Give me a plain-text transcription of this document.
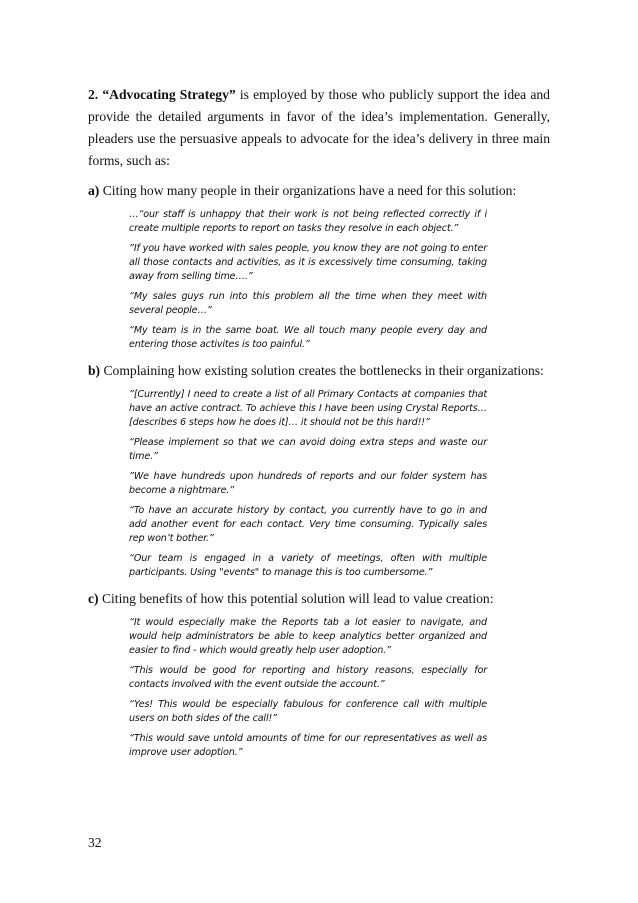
2. “Advocating Strategy” is employed by those who publicly support the idea and provide the detailed arguments in favor of the idea’s implementation. Generally, pleaders use the persuasive appeals to advocate for the idea’s delivery in three main forms, such as:

a) Citing how many people in their organizations have a need for this solution:

…“our staff is unhappy that their work is not being reflected correctly if i create multiple reports to report on tasks they resolve in each object.”

”If you have worked with sales people, you know they are not going to enter all those contacts and activities, as it is excessively time consuming, taking away from selling time….”

“My sales guys run into this problem all the time when they meet with several people…”

“My team is in the same boat. We all touch many people every day and entering those activites is too painful.”

b) Complaining how existing solution creates the bottlenecks in their organizations:

”[Currently] I need to create a list of all Primary Contacts at companies that have an active contract. To achieve this I have been using Crystal Reports… [describes 6 steps how he does it]… it should not be this hard!!”

“Please implement so that we can avoid doing extra steps and waste our time.”

”We have hundreds upon hundreds of reports and our folder system has become a nightmare.”

“To have an accurate history by contact, you currently have to go in and add another event for each contact. Very time consuming. Typically sales rep won’t bother.”

“Our team is engaged in a variety of meetings, often with multiple participants. Using "events" to manage this is too cumbersome.”

c) Citing benefits of how this potential solution will lead to value creation:

“It would especially make the Reports tab a lot easier to navigate, and would help administrators be able to keep analytics better organized and easier to find - which would greatly help user adoption.”

“This would be good for reporting and history reasons, especially for contacts involved with the event outside the account.”

“Yes! This would be especially fabulous for conference call with multiple users on both sides of the call!”

“This would save untold amounts of time for our representatives as well as improve user adoption.”

32
